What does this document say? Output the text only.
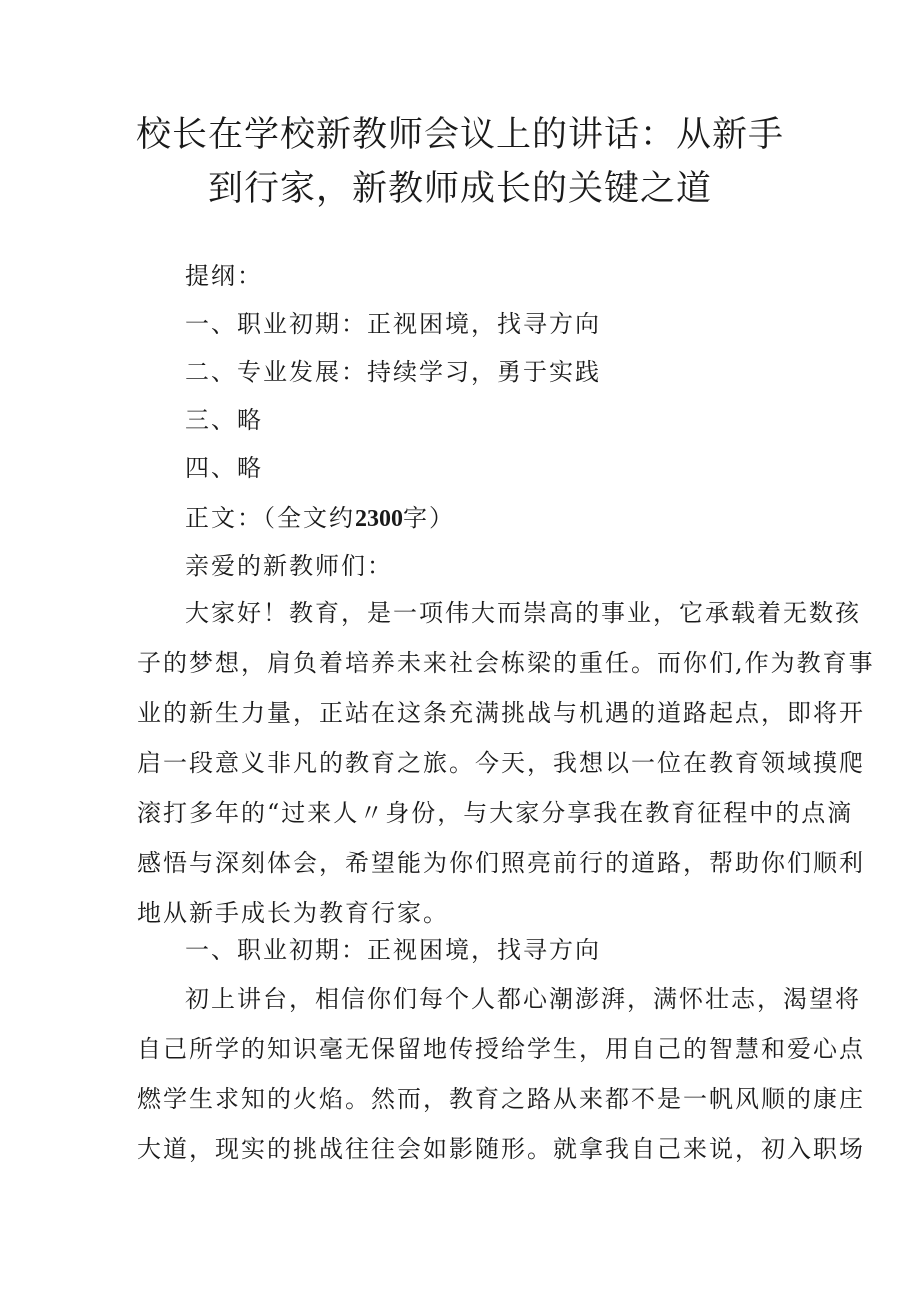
校长在学校新教师会议上的讲话：从新手
到行家，新教师成长的关键之道

提纲：

一、职业初期：正视困境，找寻方向

二、专业发展：持续学习，勇于实践

三、略

四、略

正文：（全文约2300字）

亲爱的新教师们：

大家好！教育，是一项伟大而崇高的事业，它承载着无数孩
子的梦想，肩负着培养未来社会栋梁的重任。而你们,作为教育事
业的新生力量，正站在这条充满挑战与机遇的道路起点，即将开
启一段意义非凡的教育之旅。今天，我想以一位在教育领域摸爬
滚打多年的“过来人〃身份，与大家分享我在教育征程中的点滴
感悟与深刻体会，希望能为你们照亮前行的道路，帮助你们顺利
地从新手成长为教育行家。

一、职业初期：正视困境，找寻方向

初上讲台，相信你们每个人都心潮澎湃，满怀壮志，渴望将
自己所学的知识毫无保留地传授给学生，用自己的智慧和爱心点
燃学生求知的火焰。然而，教育之路从来都不是一帆风顺的康庄
大道，现实的挑战往往会如影随形。就拿我自己来说，初入职场
